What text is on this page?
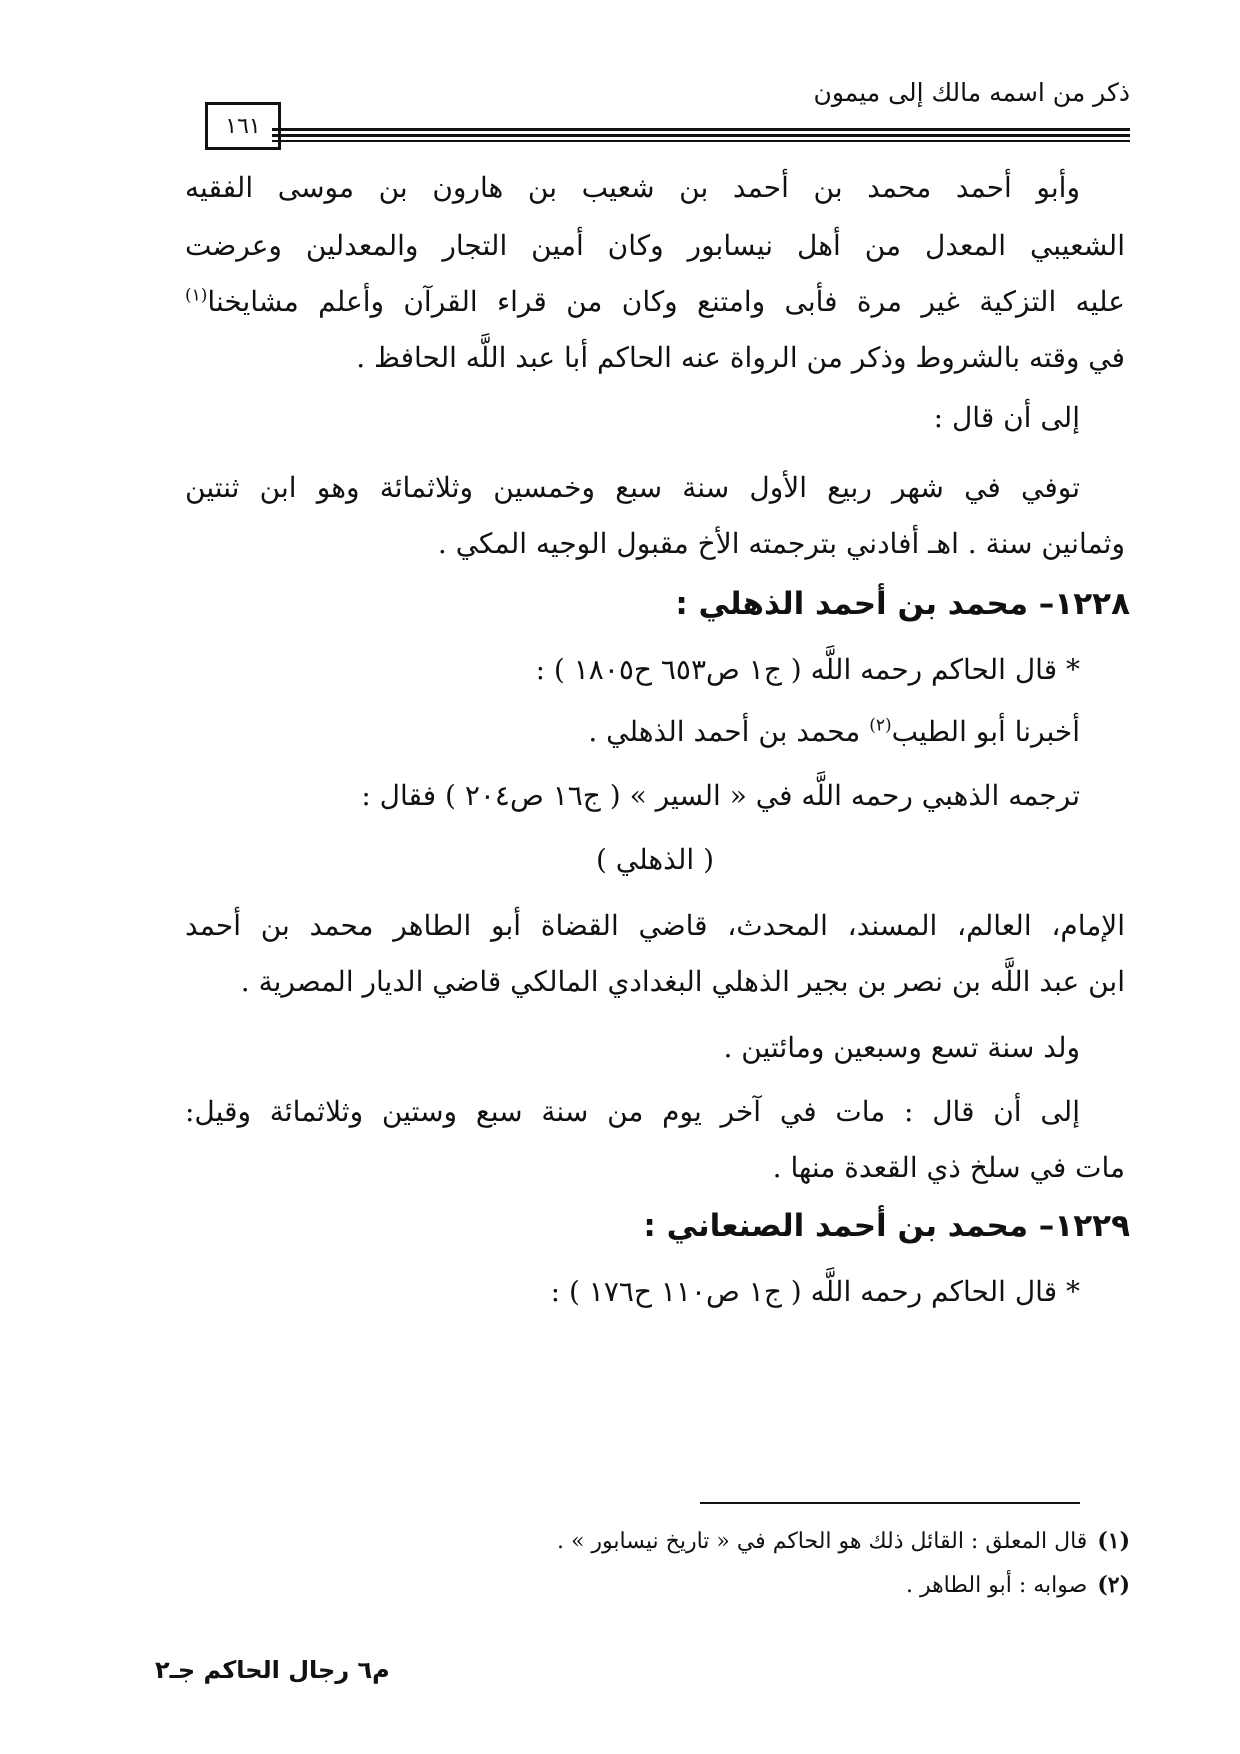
ذكر من اسمه مالك إلى ميمون
١٦١
وأبو أحمد محمد بن أحمد بن شعيب بن هارون بن موسى الفقيه
الشعيبي المعدل من أهل نيسابور وكان أمين التجار والمعدلين وعرضت
عليه التزكية غير مرة فأبى وامتنع وكان من قراء القرآن وأعلم مشايخنا$^{(١)}$
في وقته بالشروط وذكر من الرواة عنه الحاكم أبا عبد اللَّه الحافظ .
إلى أن قال :
توفي في شهر ربيع الأول سنة سبع وخمسين وثلاثمائة وهو ابن ثنتين
وثمانين سنة . اهـ أفادني بترجمته الأخ مقبول الوجيه المكي .
١٢٢٨– محمد بن أحمد الذهلي :
* قال الحاكم رحمه اللَّه ( ج١ ص٦٥٣ ح١٨٠٥ ) :
أخبرنا أبو الطيب$^{(٢)}$ محمد بن أحمد الذهلي .
ترجمه الذهبي رحمه اللَّه في « السير » ( ج١٦ ص٢٠٤ ) فقال :
( الذهلي )
الإمام، العالم، المسند، المحدث، قاضي القضاة أبو الطاهر محمد بن أحمد
ابن عبد اللَّه بن نصر بن بجير الذهلي البغدادي المالكي قاضي الديار المصرية .
ولد سنة تسع وسبعين ومائتين .
إلى أن قال : مات في آخر يوم من سنة سبع وستين وثلاثمائة وقيل:
مات في سلخ ذي القعدة منها .
١٢٢٩– محمد بن أحمد الصنعاني :
* قال الحاكم رحمه اللَّه ( ج١ ص١١٠ ح١٧٦ ) :
(١)قال المعلق : القائل ذلك هو الحاكم في « تاريخ نيسابور » .
(٢)صوابه : أبو الطاهر .
م٦ رجال الحاكم جـ٢
